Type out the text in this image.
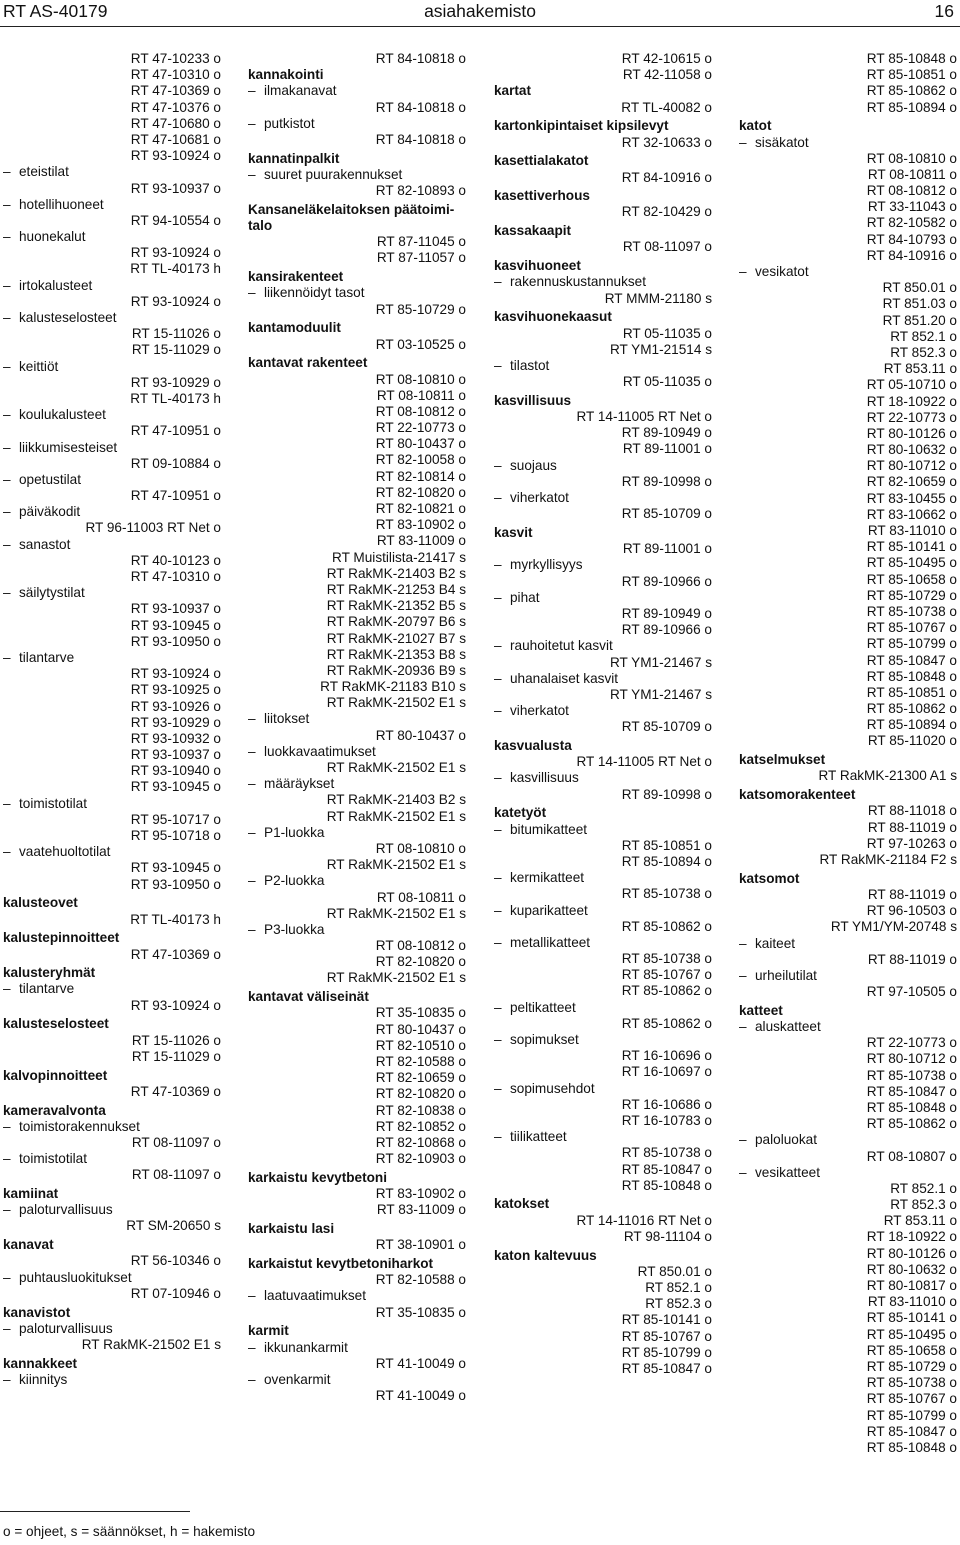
RT AS-40179	asiahakemisto	16
RT 47-10233 o
RT 47-10310 o
RT 47-10369 o
RT 47-10376 o
RT 47-10680 o
RT 47-10681 o
RT 93-10924 o
– eteistilat
RT 93-10937 o
– hotellihuoneet
RT 94-10554 o
– huonekalut
RT 93-10924 o
RT TL-40173 h
– irtokalusteet
RT 93-10924 o
– kalusteselosteet
RT 15-11026 o
RT 15-11029 o
– keittiöt
RT 93-10929 o
RT TL-40173 h
– koulukalusteet
RT 47-10951 o
– liikkumisesteiset
RT 09-10884 o
– opetustilat
RT 47-10951 o
– päiväkodit
RT 96-11003 RT Net o
– sanastot
RT 40-10123 o
RT 47-10310 o
– säilytystilat
RT 93-10937 o
RT 93-10945 o
RT 93-10950 o
– tilantarve
RT 93-10924 o
RT 93-10925 o
RT 93-10926 o
RT 93-10929 o
RT 93-10932 o
RT 93-10937 o
RT 93-10940 o
RT 93-10945 o
– toimistotilat
RT 95-10717 o
RT 95-10718 o
– vaatehuoltotilat
RT 93-10945 o
RT 93-10950 o
kalusteovet
RT TL-40173 h
kalustepinnoitteet
RT 47-10369 o
kalusteryhmät
– tilantarve
RT 93-10924 o
kalusteselosteet
RT 15-11026 o
RT 15-11029 o
kalvopinnoitteet
RT 47-10369 o
kameravalvonta
– toimistorakennukset
RT 08-11097 o
– toimistotilat
RT 08-11097 o
kamiinat
– paloturvallisuus
RT SM-20650 s
kanavat
RT 56-10346 o
– puhtausluokitukset
RT 07-10946 o
kanavistot
– paloturvallisuus
RT RakMK-21502 E1 s
kannakkeet
– kiinnitys
RT 84-10818 o
kannakointi
– ilmakanavat
RT 84-10818 o
– putkistot
RT 84-10818 o
kannatinpalkit
– suuret puurakennukset
RT 82-10893 o
Kansaneläkelaitoksen päätoimi-
talo
RT 87-11045 o
RT 87-11057 o
kansirakenteet
– liikennöidyt tasot
RT 85-10729 o
kantamoduulit
RT 03-10525 o
kantavat rakenteet
RT 08-10810 o
RT 08-10811 o
RT 08-10812 o
RT 22-10773 o
RT 80-10437 o
RT 82-10058 o
RT 82-10814 o
RT 82-10820 o
RT 82-10821 o
RT 83-10902 o
RT 83-11009 o
RT Muistilista-21417 s
RT RakMK-21403 B2 s
RT RakMK-21253 B4 s
RT RakMK-21352 B5 s
RT RakMK-20797 B6 s
RT RakMK-21027 B7 s
RT RakMK-21353 B8 s
RT RakMK-20936 B9 s
RT RakMK-21183 B10 s
RT RakMK-21502 E1 s
– liitokset
RT 80-10437 o
– luokkavaatimukset
RT RakMK-21502 E1 s
– määräykset
RT RakMK-21403 B2 s
RT RakMK-21502 E1 s
– P1-luokka
RT 08-10810 o
RT RakMK-21502 E1 s
– P2-luokka
RT 08-10811 o
RT RakMK-21502 E1 s
– P3-luokka
RT 08-10812 o
RT 82-10820 o
RT RakMK-21502 E1 s
kantavat väliseinät
RT 35-10835 o
RT 80-10437 o
RT 82-10510 o
RT 82-10588 o
RT 82-10659 o
RT 82-10820 o
RT 82-10838 o
RT 82-10852 o
RT 82-10868 o
RT 82-10903 o
karkaistu kevytbetoni
RT 83-10902 o
RT 83-11009 o
karkaistu lasi
RT 38-10901 o
karkaistut kevytbetoniharkot
RT 82-10588 o
– laatuvaatimukset
RT 35-10835 o
karmit
– ikkunankarmit
RT 41-10049 o
– ovenkarmit
RT 41-10049 o
RT 42-10615 o
RT 42-11058 o
kartat
RT TL-40082 o
kartonkipintaiset kipsilevyt
RT 32-10633 o
kasettialakatot
RT 84-10916 o
kasettiverhous
RT 82-10429 o
kassakaapit
RT 08-11097 o
kasvihuoneet
– rakennuskustannukset
RT MMM-21180 s
kasvihuonekaasut
RT 05-11035 o
RT YM1-21514 s
– tilastot
RT 05-11035 o
kasvillisuus
RT 14-11005 RT Net o
RT 89-10949 o
RT 89-11001 o
– suojaus
RT 89-10998 o
– viherkatot
RT 85-10709 o
kasvit
RT 89-11001 o
– myrkyllisyys
RT 89-10966 o
– pihat
RT 89-10949 o
RT 89-10966 o
– rauhoitetut kasvit
RT YM1-21467 s
– uhanalaiset kasvit
RT YM1-21467 s
– viherkatot
RT 85-10709 o
kasvualusta
RT 14-11005 RT Net o
– kasvillisuus
RT 89-10998 o
katetyöt
– bitumikatteet
RT 85-10851 o
RT 85-10894 o
– kermikatteet
RT 85-10738 o
– kuparikatteet
RT 85-10862 o
– metallikatteet
RT 85-10738 o
RT 85-10767 o
RT 85-10862 o
– peltikatteet
RT 85-10862 o
– sopimukset
RT 16-10696 o
RT 16-10697 o
– sopimusehdot
RT 16-10686 o
RT 16-10783 o
– tiilikatteet
RT 85-10738 o
RT 85-10847 o
RT 85-10848 o
katokset
RT 14-11016 RT Net o
RT 98-11104 o
katon kaltevuus
RT 850.01 o
RT 852.1 o
RT 852.3 o
RT 85-10141 o
RT 85-10767 o
RT 85-10799 o
RT 85-10847 o
RT 85-10848 o
RT 85-10851 o
RT 85-10862 o
RT 85-10894 o
katot
– sisäkatot
RT 08-10810 o
RT 08-10811 o
RT 08-10812 o
RT 33-11043 o
RT 82-10582 o
RT 84-10793 o
RT 84-10916 o
– vesikatot
RT 850.01 o
RT 851.03 o
RT 851.20 o
RT 852.1 o
RT 852.3 o
RT 853.11 o
RT 05-10710 o
RT 18-10922 o
RT 22-10773 o
RT 80-10126 o
RT 80-10632 o
RT 80-10712 o
RT 82-10659 o
RT 83-10455 o
RT 83-10662 o
RT 83-11010 o
RT 85-10141 o
RT 85-10495 o
RT 85-10658 o
RT 85-10729 o
RT 85-10738 o
RT 85-10767 o
RT 85-10799 o
RT 85-10847 o
RT 85-10848 o
RT 85-10851 o
RT 85-10862 o
RT 85-10894 o
RT 85-11020 o
katselmukset
RT RakMK-21300 A1 s
katsomorakenteet
RT 88-11018 o
RT 88-11019 o
RT 97-10263 o
RT RakMK-21184 F2 s
katsomot
RT 88-11019 o
RT 96-10503 o
RT YM1/YM-20748 s
– kaiteet
RT 88-11019 o
– urheilutilat
RT 97-10505 o
katteet
– aluskatteet
RT 22-10773 o
RT 80-10712 o
RT 85-10738 o
RT 85-10847 o
RT 85-10848 o
RT 85-10862 o
– paloluokat
RT 08-10807 o
– vesikatteet
RT 852.1 o
RT 852.3 o
RT 853.11 o
RT 18-10922 o
RT 80-10126 o
RT 80-10632 o
RT 80-10817 o
RT 83-11010 o
RT 85-10141 o
RT 85-10495 o
RT 85-10658 o
RT 85-10729 o
RT 85-10738 o
RT 85-10767 o
RT 85-10799 o
RT 85-10847 o
RT 85-10848 o
o = ohjeet, s = säännökset, h = hakemisto
